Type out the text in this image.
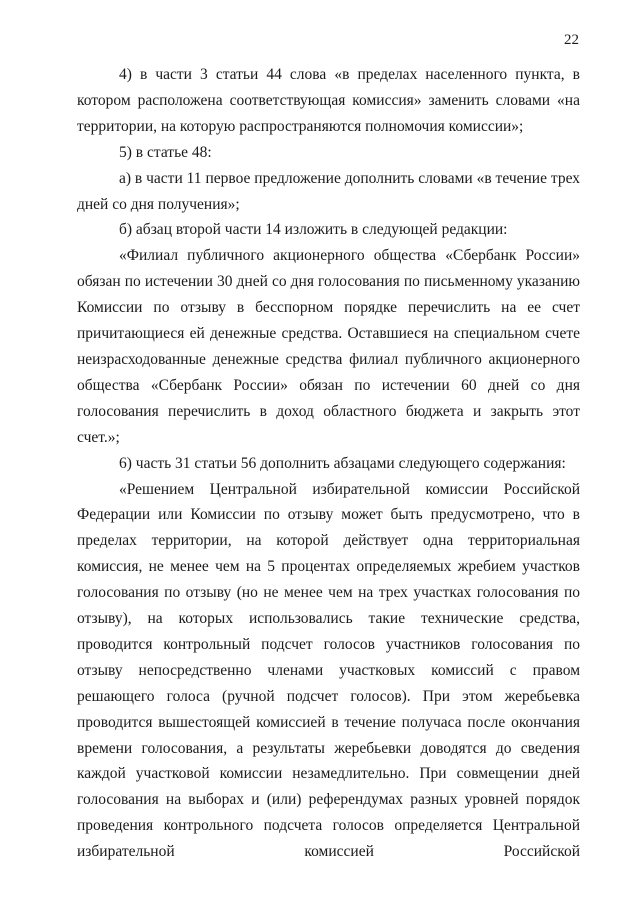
22

4) в части 3 статьи 44 слова «в пределах населенного пункта, в котором расположена соответствующая комиссия» заменить словами «на территории, на которую распространяются полномочия комиссии»;

5) в статье 48:

а) в части 11 первое предложение дополнить словами «в течение трех дней со дня получения»;

б) абзац второй части 14 изложить в следующей редакции:

«Филиал публичного акционерного общества «Сбербанк России» обязан по истечении 30 дней со дня голосования по письменному указанию Комиссии по отзыву в бесспорном порядке перечислить на ее счет причитающиеся ей денежные средства. Оставшиеся на специальном счете неизрасходованные денежные средства филиал публичного акционерного общества «Сбербанк России» обязан по истечении 60 дней со дня голосования перечислить в доход областного бюджета и закрыть этот счет.»;

6) часть 31 статьи 56 дополнить абзацами следующего содержания:

«Решением Центральной избирательной комиссии Российской Федерации или Комиссии по отзыву может быть предусмотрено, что в пределах территории, на которой действует одна территориальная комиссия, не менее чем на 5 процентах определяемых жребием участков голосования по отзыву (но не менее чем на трех участках голосования по отзыву), на которых использовались такие технические средства, проводится контрольный подсчет голосов участников голосования по отзыву непосредственно членами участковых комиссий с правом решающего голоса (ручной подсчет голосов). При этом жеребьевка проводится вышестоящей комиссией в течение получаса после окончания времени голосования, а результаты жеребьевки доводятся до сведения каждой участковой комиссии незамедлительно. При совмещении дней голосования на выборах и (или) референдумах разных уровней порядок проведения контрольного подсчета голосов определяется Центральной избирательной комиссией Российской
